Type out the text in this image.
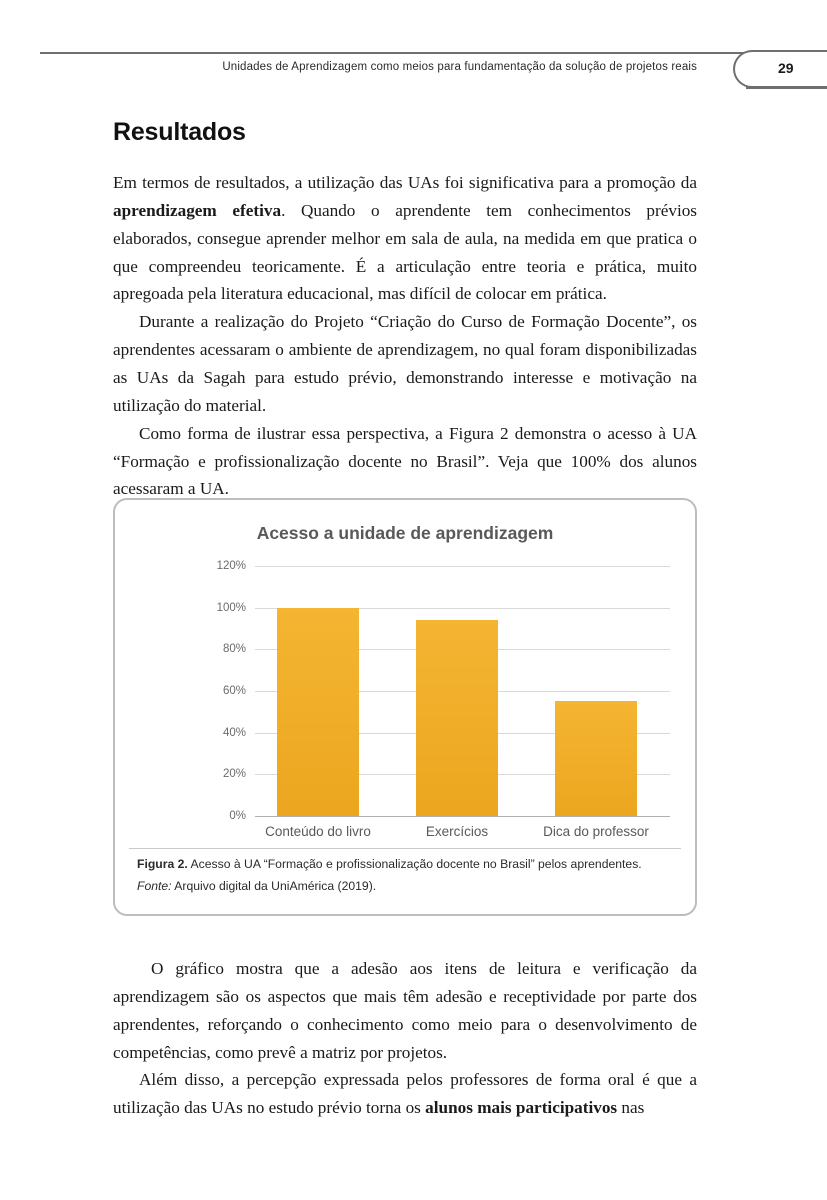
Unidades de Aprendizagem como meios para fundamentação da solução de projetos reais	29
Resultados

Em termos de resultados, a utilização das UAs foi significativa para a promoção da aprendizagem efetiva. Quando o aprendente tem conhecimentos prévios elaborados, consegue aprender melhor em sala de aula, na medida em que pratica o que compreendeu teoricamente. É a articulação entre teoria e prática, muito apregoada pela literatura educacional, mas difícil de colocar em prática.

Durante a realização do Projeto “Criação do Curso de Formação Docente”, os aprendentes acessaram o ambiente de aprendizagem, no qual foram disponibilizadas as UAs da Sagah para estudo prévio, demonstrando interesse e motivação na utilização do material.

Como forma de ilustrar essa perspectiva, a Figura 2 demonstra o acesso à UA “Formação e profissionalização docente no Brasil”. Veja que 100% dos alunos acessaram a UA.

Acesso a unidade de aprendizagem
120%
100%
80%
60%
40%
20%
0%
Conteúdo do livro	Exercícios	Dica do professor
Figura 2. Acesso à UA “Formação e profissionalização docente no Brasil” pelos aprendentes.
Fonte: Arquivo digital da UniAmérica (2019).

O gráfico mostra que a adesão aos itens de leitura e verificação da aprendizagem são os aspectos que mais têm adesão e receptividade por parte dos aprendentes, reforçando o conhecimento como meio para o desenvolvimento de competências, como prevê a matriz por projetos.

Além disso, a percepção expressada pelos professores de forma oral é que a utilização das UAs no estudo prévio torna os alunos mais participativos nas
